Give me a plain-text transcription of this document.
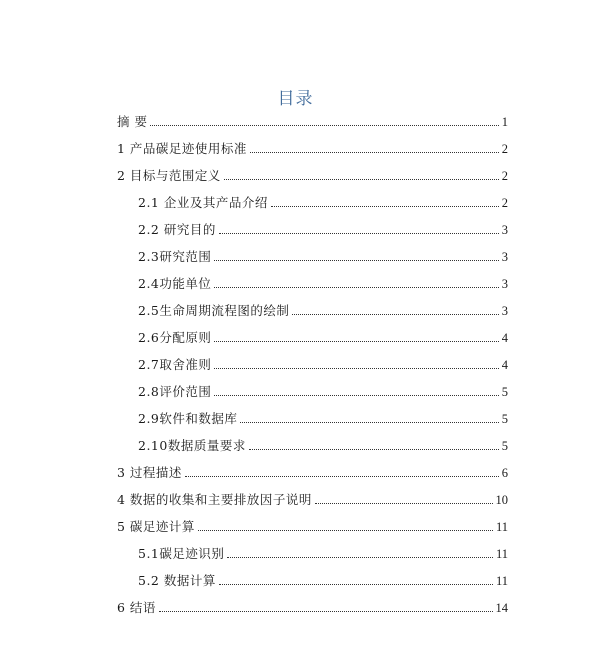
目录
摘 要	1
1 产品碳足迹使用标准	2
2 目标与范围定义	2
2.1 企业及其产品介绍	2
2.2 研究目的	3
2.3研究范围	3
2.4功能单位	3
2.5生命周期流程图的绘制	3
2.6分配原则	4
2.7取舍准则	4
2.8评价范围	5
2.9软件和数据库	5
2.10数据质量要求	5
3 过程描述	6
4 数据的收集和主要排放因子说明	10
5 碳足迹计算	11
5.1碳足迹识别	11
5.2 数据计算	11
6 结语	14
